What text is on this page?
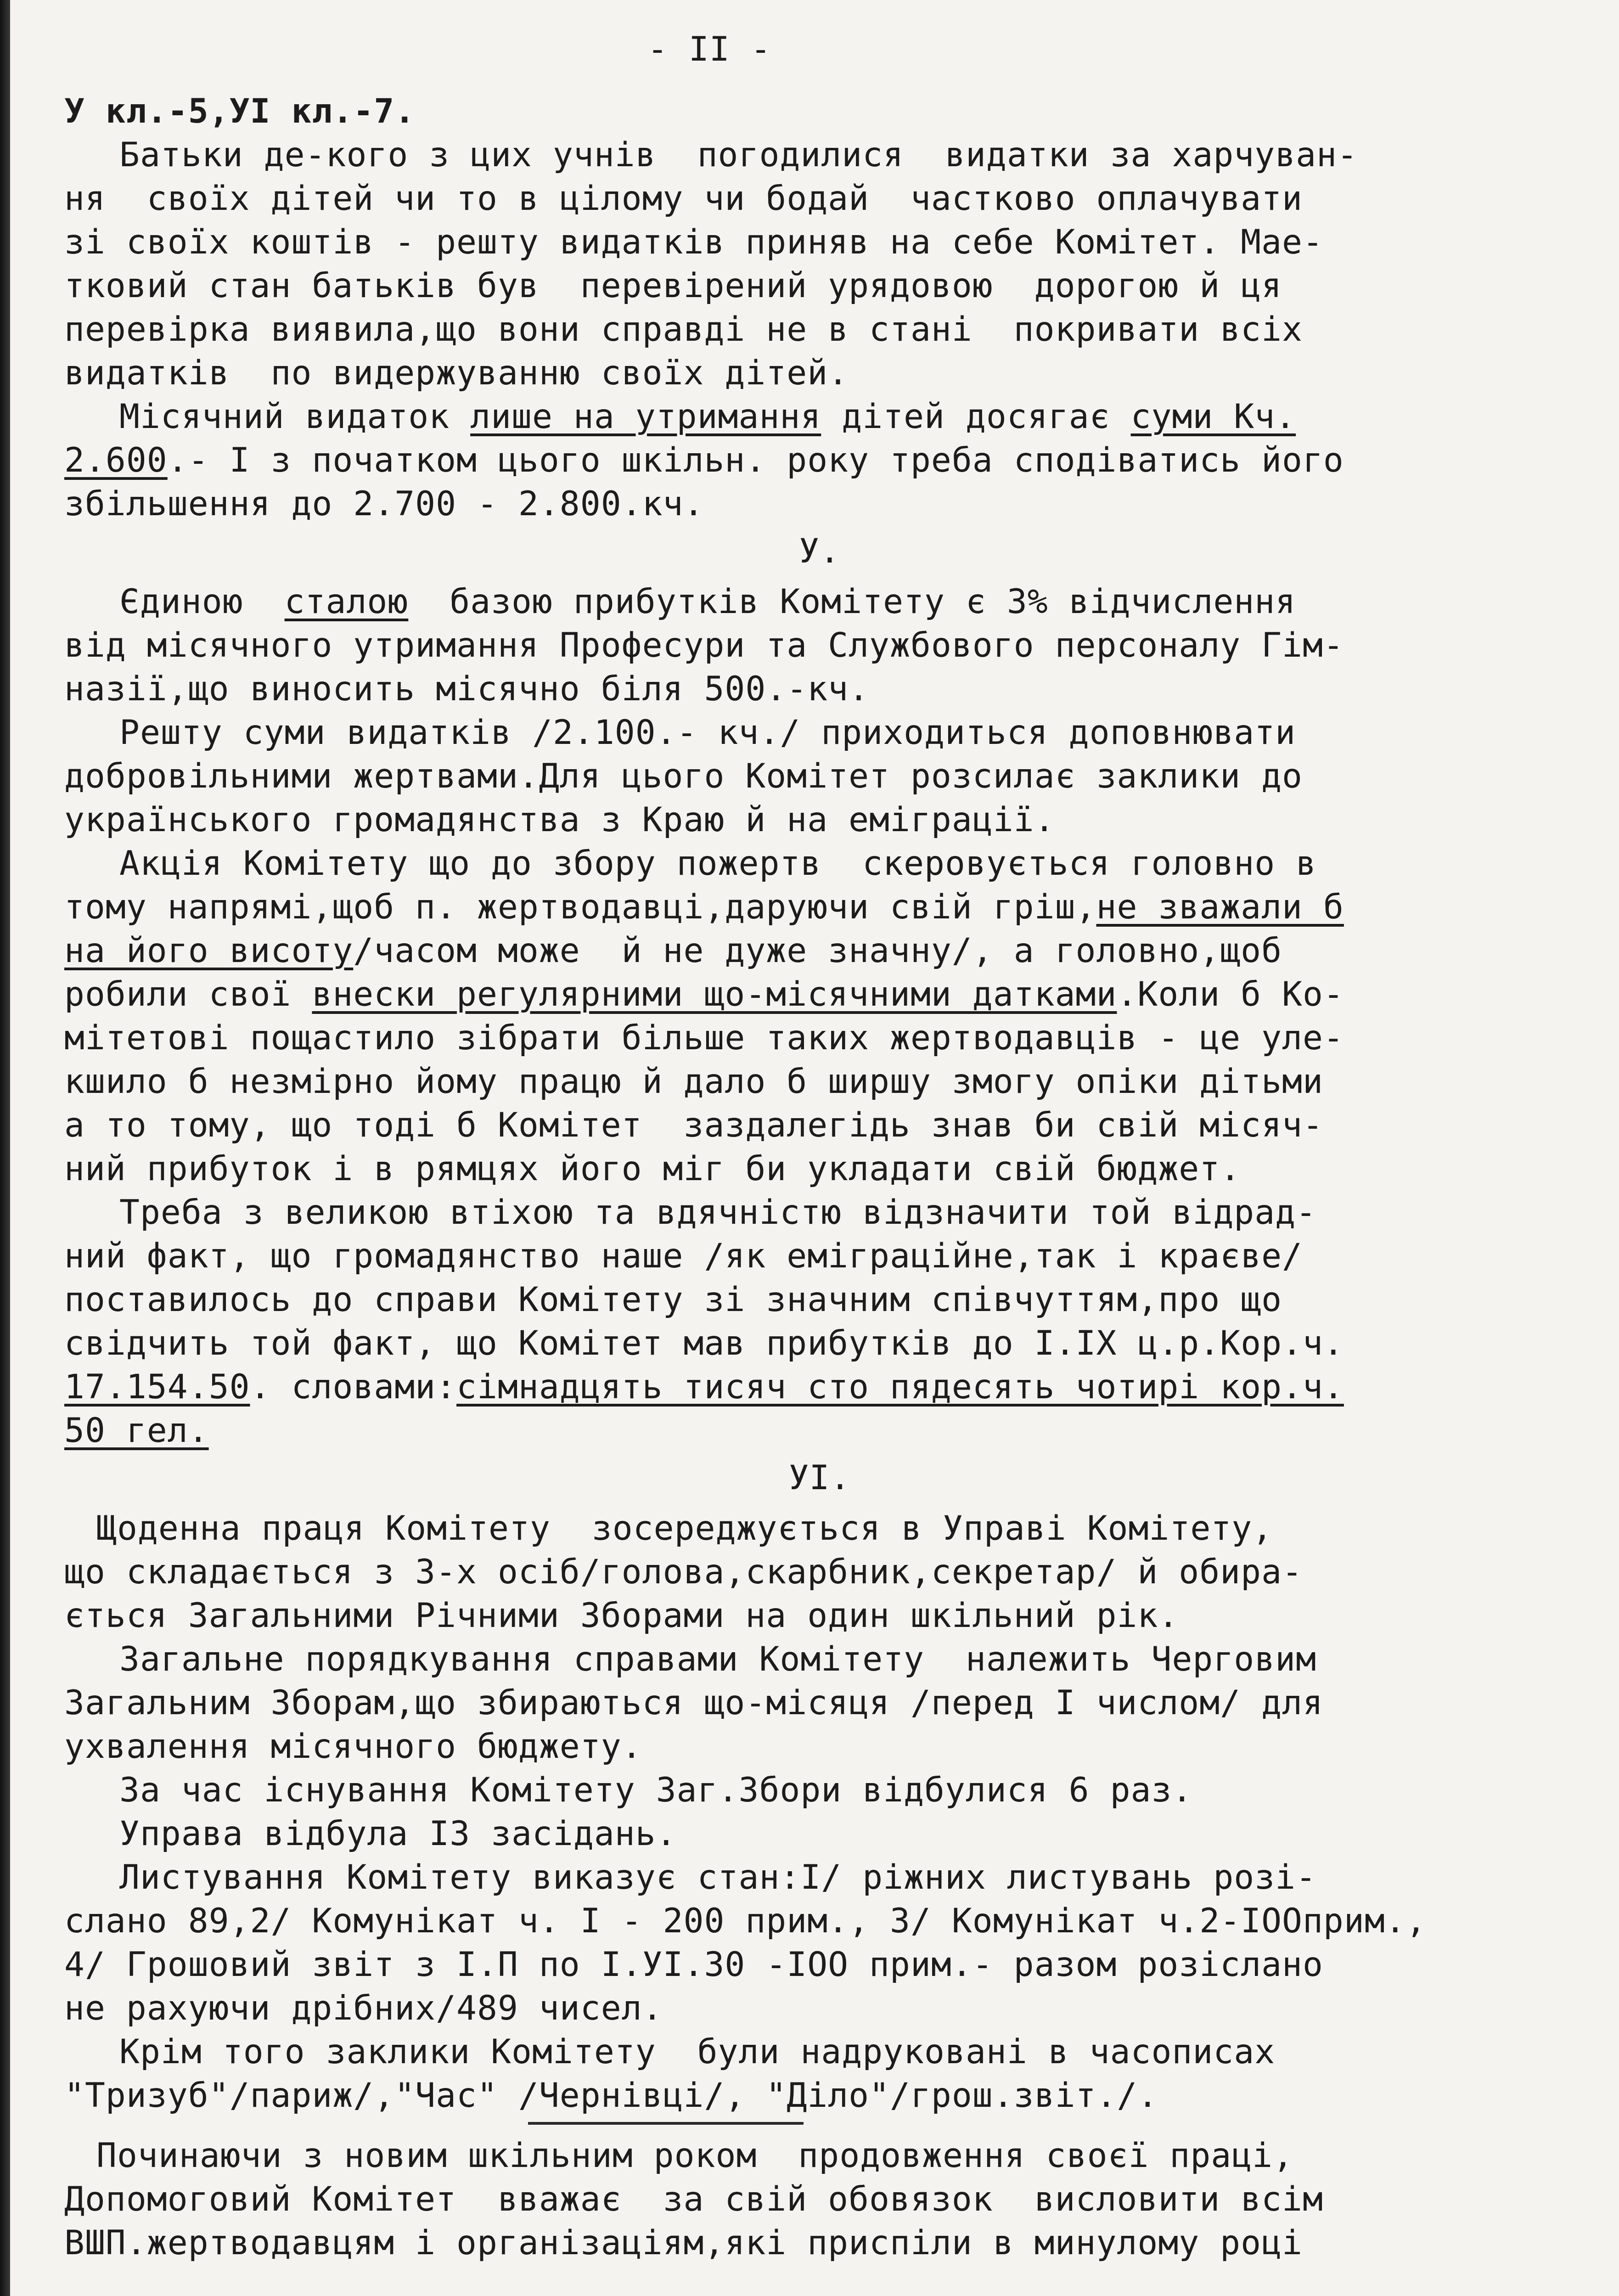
- II -
У кл.-5,УІ кл.-7.
Батьки де-кого з цих учнів  погодилися  видатки за харчуван-
ня  своїх дітей чи то в цілому чи бодай  частково оплачувати
зі своїх коштів - решту видатків приняв на себе Комітет. Мае-
тковий стан батьків був  перевірений урядовою  дорогою й ця
перевірка виявила,що вони справді не в стані  покривати всіх
видатків  по видержуванню своїх дітей.
Місячний видаток лише на утримання дітей досягає суми Кч.
2.600.- І з початком цього шкільн. року треба сподіватись його
збільшення до 2.700 - 2.800.кч.
У.
Єдиною  сталою  базою прибутків Комітету є 3% відчислення
від місячного утримання Професури та Службового персоналу Гім-
назії,що виносить місячно біля 500.-кч.
Решту суми видатків /2.100.- кч./ приходиться доповнювати
добровільними жертвами.Для цього Комітет розсилає заклики до
українського громадянства з Краю й на еміграції.
Акція Комітету що до збору пожертв  скеровується головно в
тому напрямі,щоб п. жертводавці,даруючи свій гріш,не зважали б
на його висоту/часом може  й не дуже значну/, а головно,щоб
робили свої внески регулярними що-місячними датками.Коли б Ко-
мітетові пощастило зібрати більше таких жертводавців - це уле-
кшило б незмірно йому працю й дало б ширшу змогу опіки дітьми
а то тому, що тоді б Комітет  заздалегідь знав би свій місяч-
ний прибуток і в рямцях його міг би укладати свій бюджет.
Треба з великою втіхою та вдячністю відзначити той відрад-
ний факт, що громадянство наше /як еміграційне,так і краєве/
поставилось до справи Комітету зі значним співчуттям,про що
свідчить той факт, що Комітет мав прибутків до І.ІХ ц.р.Кор.ч.
17.154.50. словами:сімнадцять тисяч сто пядесять чотирі кор.ч.
50 гел.
УІ.
Щоденна праця Комітету  зосереджується в Управі Комітету,
що складається з 3-х осіб/голова,скарбник,секретар/ й обира-
ється Загальними Річними Зборами на один шкільний рік.
Загальне порядкування справами Комітету  належить Черговим
Загальним Зборам,що збираються що-місяця /перед І числом/ для
ухвалення місячного бюджету.
За час існування Комітету Заг.Збори відбулися 6 раз.
Управа відбула ІЗ засідань.
Листування Комітету виказує стан:І/ ріжних листувань розі-
слано 89,2/ Комунікат ч. І - 200 прим., 3/ Комунікат ч.2-ІООприм.,
4/ Грошовий звіт з І.П по І.УІ.30 -ІОО прим.- разом розіслано
не рахуючи дрібних/489 чисел.
Крім того заклики Комітету  були надруковані в часописах
"Тризуб"/париж/,"Час" /Чернівці/, "Діло"/грош.звіт./.
Починаючи з новим шкільним роком  продовження своєї праці,
Допомоговий Комітет  вважає  за свій обовязок  висловити всім
ВШП.жертводавцям і організаціям,які приспіли в минулому році
